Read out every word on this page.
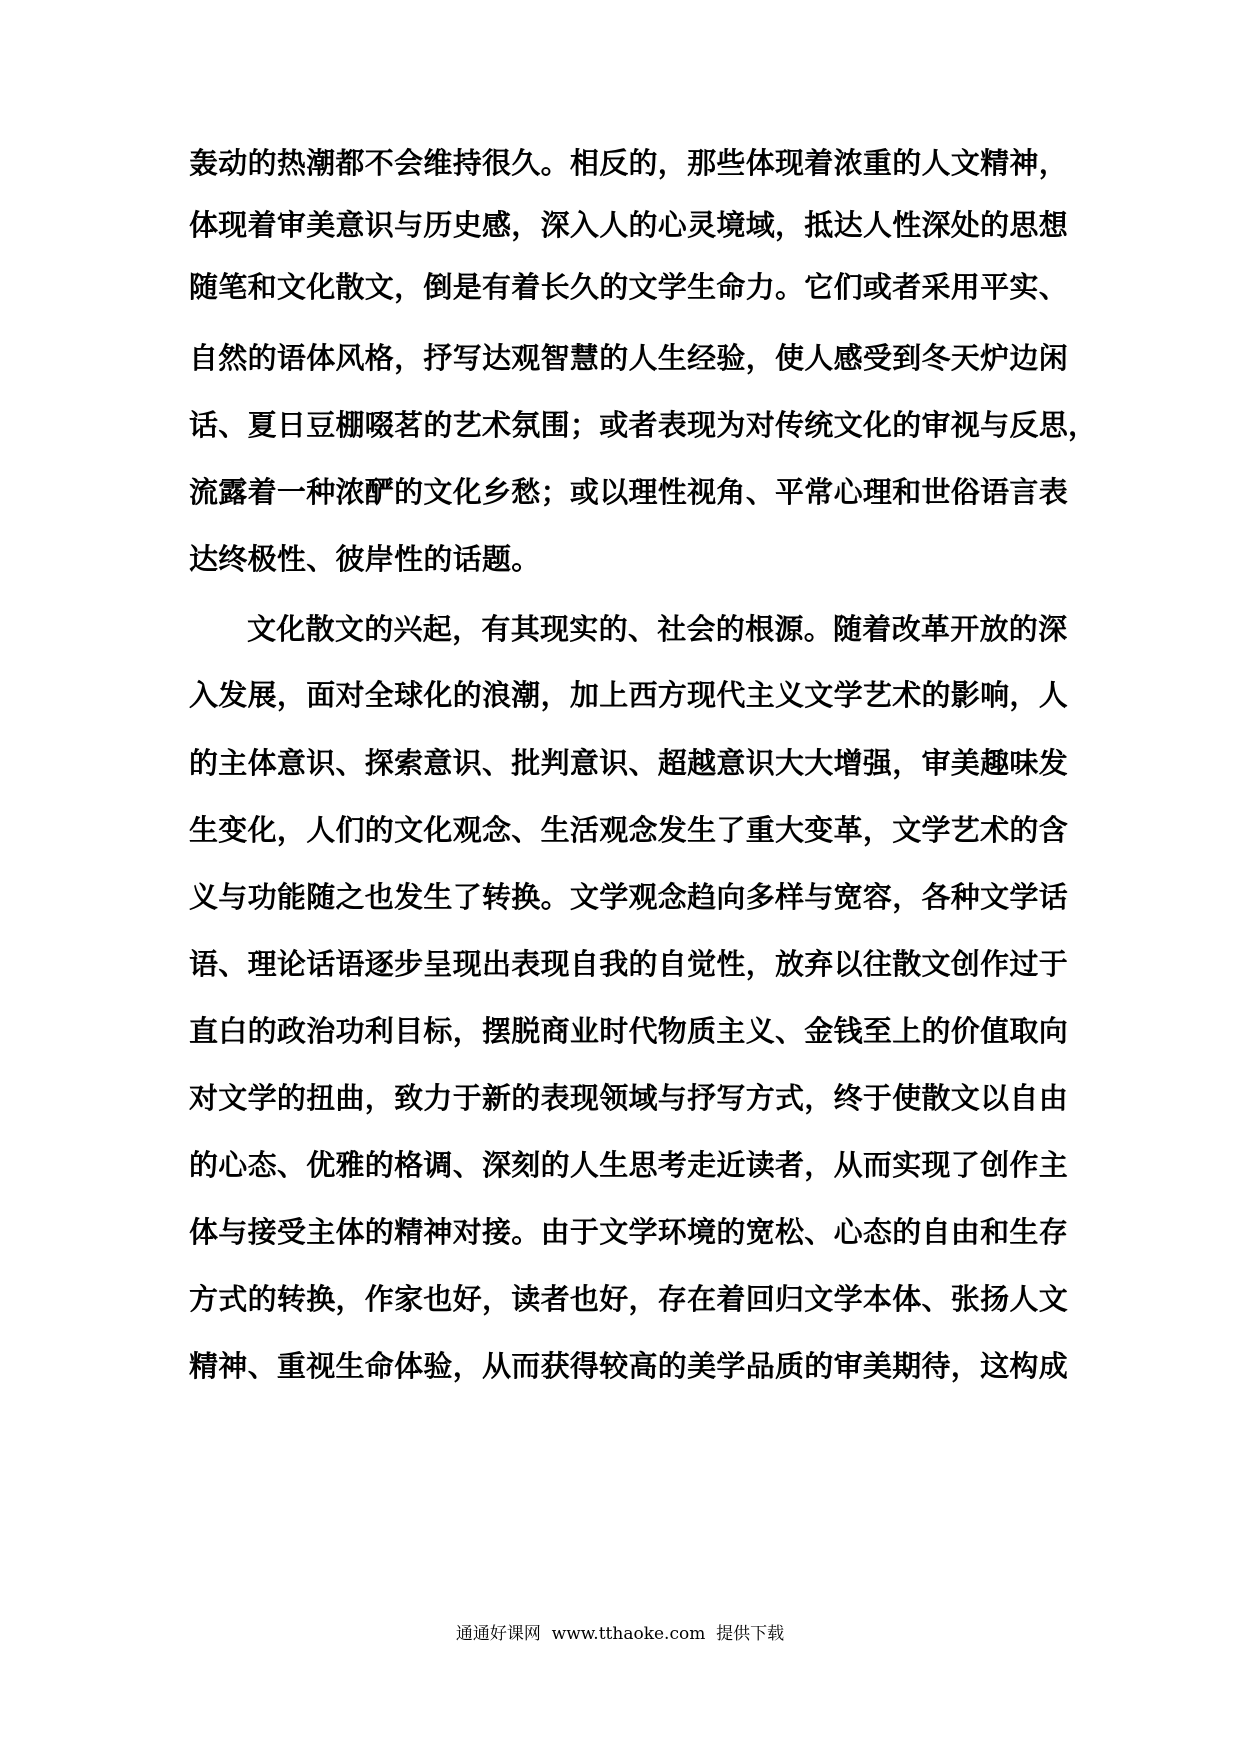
轰动的热潮都不会维持很久。相反的，那些体现着浓重的人文精神，
体现着审美意识与历史感，深入人的心灵境域，抵达人性深处的思想
随笔和文化散文，倒是有着长久的文学生命力。它们或者采用平实、
自然的语体风格，抒写达观智慧的人生经验，使人感受到冬天炉边闲
话、夏日豆棚啜茗的艺术氛围；或者表现为对传统文化的审视与反思，
流露着一种浓酽的文化乡愁；或以理性视角、平常心理和世俗语言表
达终极性、彼岸性的话题。
文化散文的兴起，有其现实的、社会的根源。随着改革开放的深
入发展，面对全球化的浪潮，加上西方现代主义文学艺术的影响，人
的主体意识、探索意识、批判意识、超越意识大大增强，审美趣味发
生变化，人们的文化观念、生活观念发生了重大变革，文学艺术的含
义与功能随之也发生了转换。文学观念趋向多样与宽容，各种文学话
语、理论话语逐步呈现出表现自我的自觉性，放弃以往散文创作过于
直白的政治功利目标，摆脱商业时代物质主义、金钱至上的价值取向
对文学的扭曲，致力于新的表现领域与抒写方式，终于使散文以自由
的心态、优雅的格调、深刻的人生思考走近读者，从而实现了创作主
体与接受主体的精神对接。由于文学环境的宽松、心态的自由和生存
方式的转换，作家也好，读者也好，存在着回归文学本体、张扬人文
精神、重视生命体验，从而获得较高的美学品质的审美期待，这构成
通通好课网  www.tthaoke.com  提供下载
